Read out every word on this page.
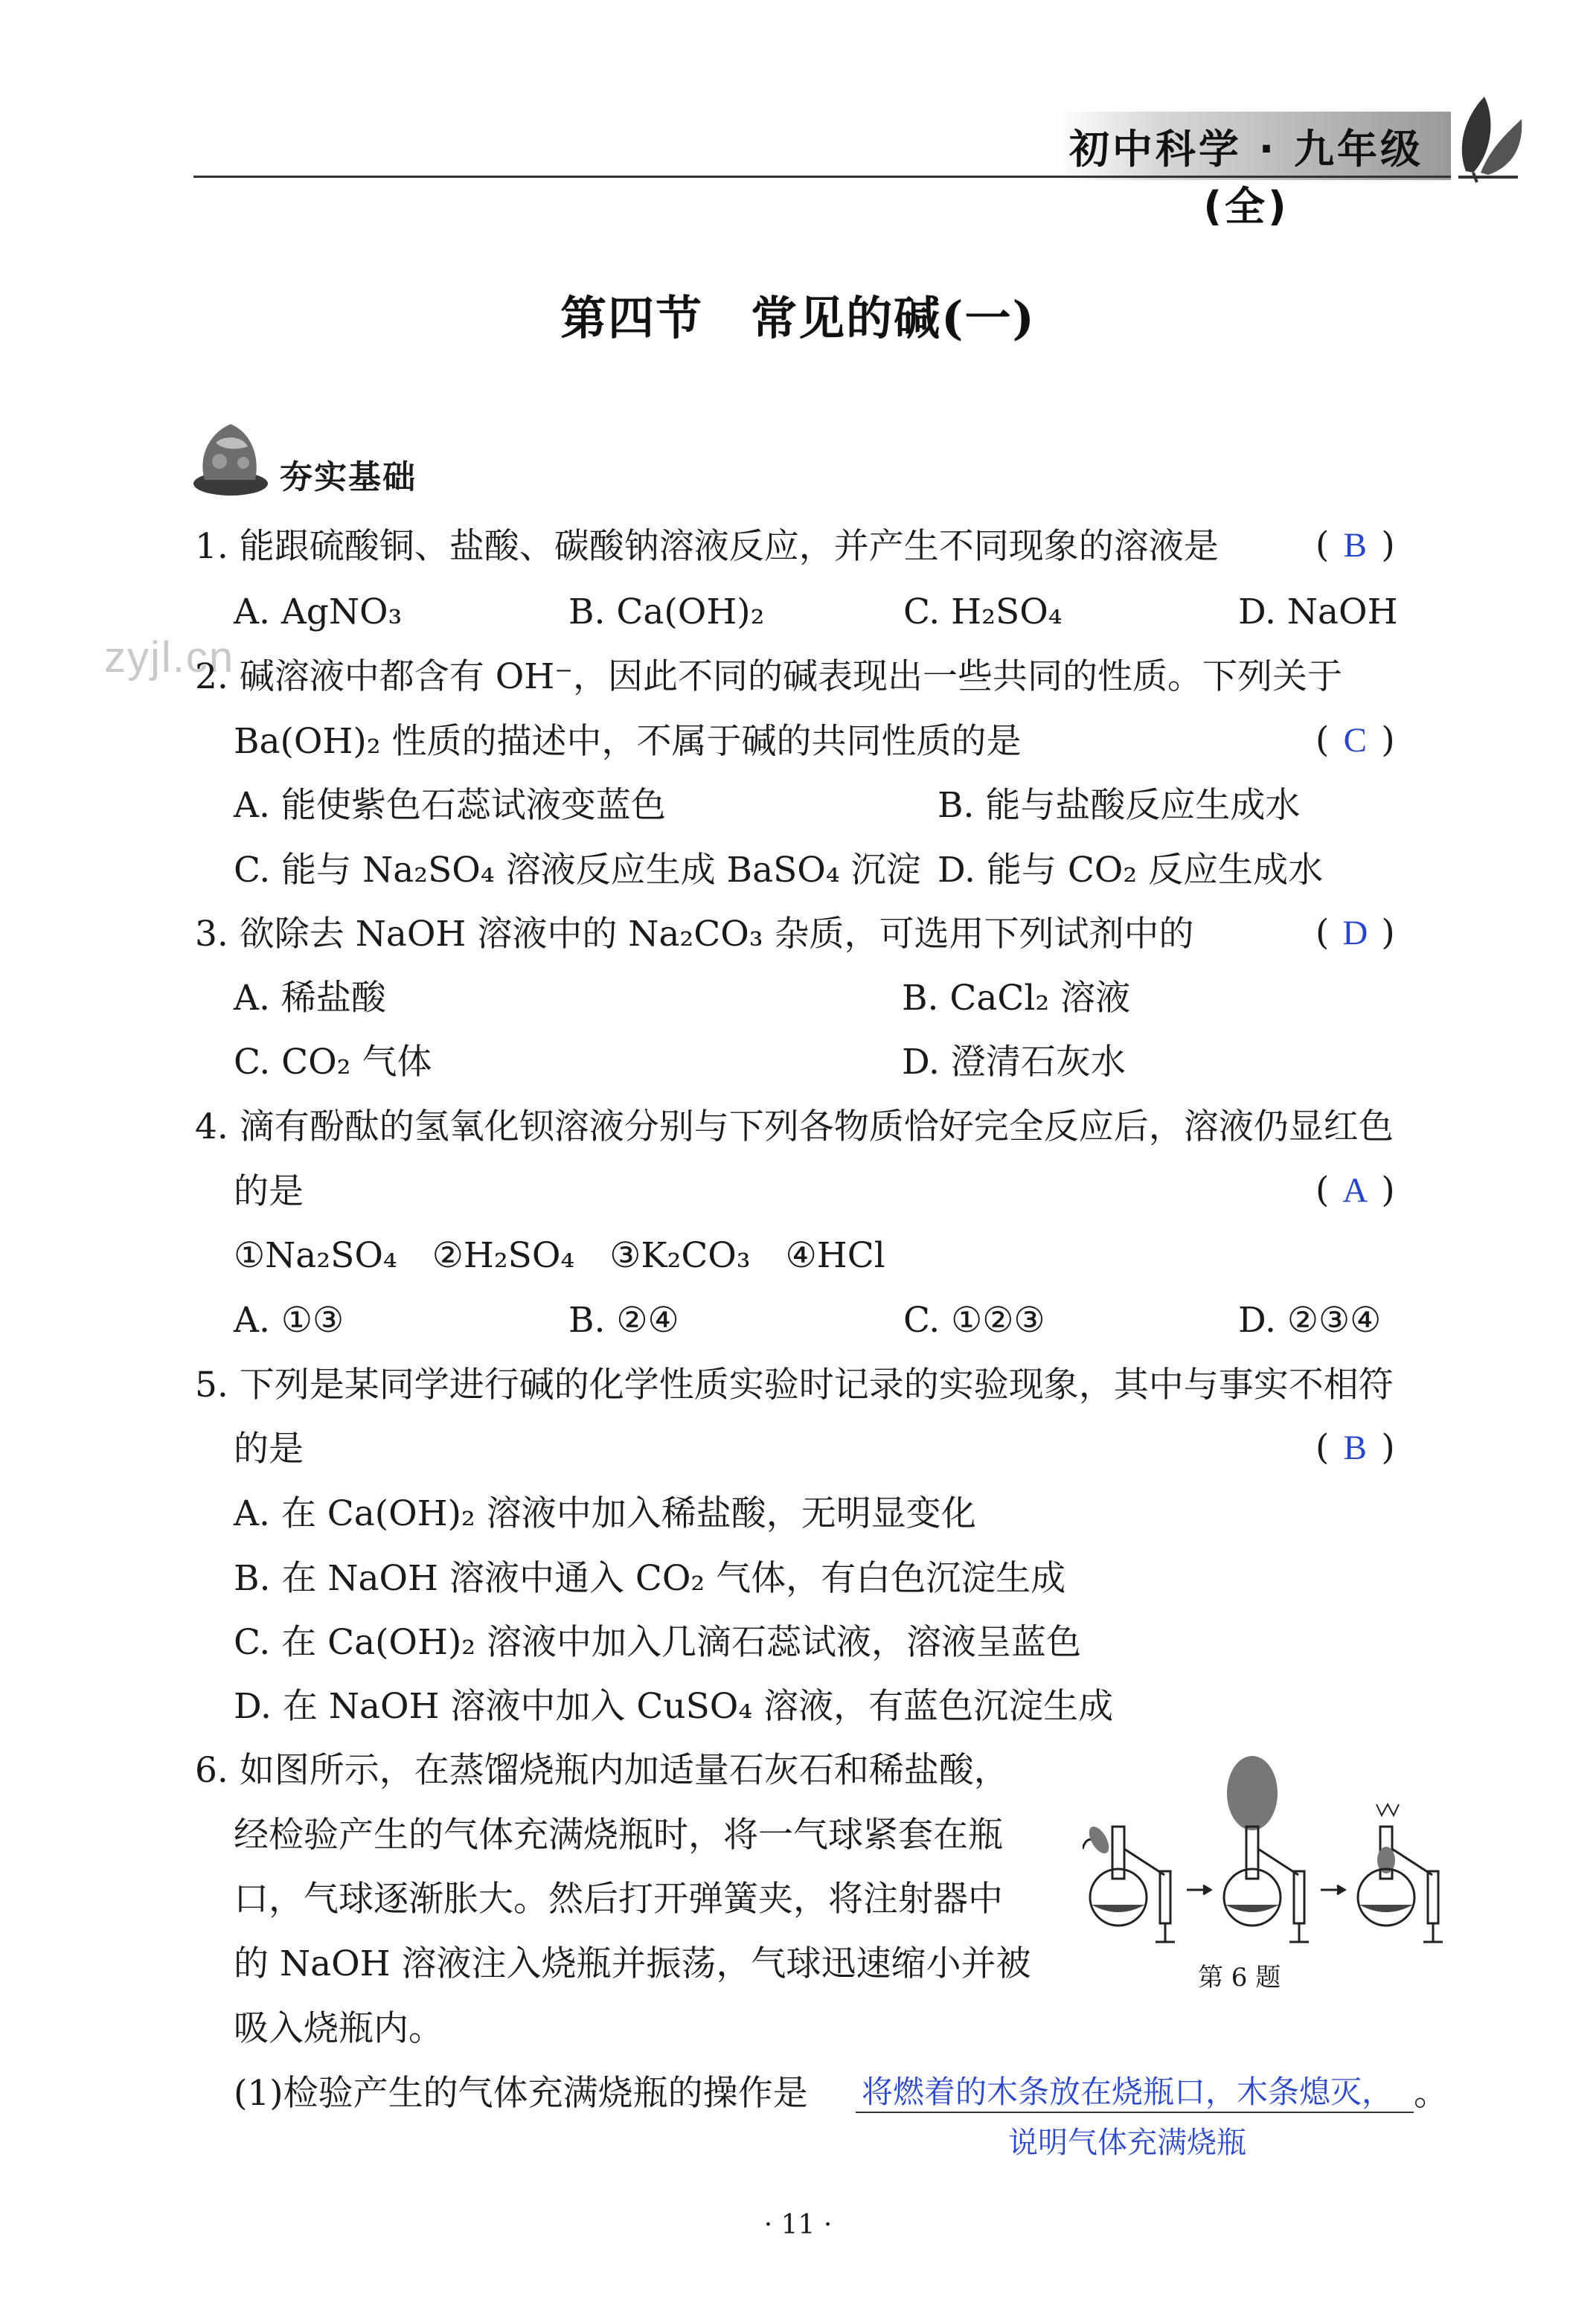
初中科学 · 九年级(全)
第四节　常见的碱(一)
夯实基础
zyjl.cn
1. 能跟硫酸铜、盐酸、碳酸钠溶液反应，并产生不同现象的溶液是	( B )
A. AgNO₃	B. Ca(OH)₂	C. H₂SO₄	D. NaOH
2. 碱溶液中都含有 OH⁻，因此不同的碱表现出一些共同的性质。下列关于
Ba(OH)₂ 性质的描述中，不属于碱的共同性质的是	( C )
A. 能使紫色石蕊试液变蓝色	B. 能与盐酸反应生成水
C. 能与 Na₂SO₄ 溶液反应生成 BaSO₄ 沉淀 D. 能与 CO₂ 反应生成水
3. 欲除去 NaOH 溶液中的 Na₂CO₃ 杂质，可选用下列试剂中的	( D )
A. 稀盐酸	B. CaCl₂ 溶液
C. CO₂ 气体	D. 澄清石灰水
4. 滴有酚酞的氢氧化钡溶液分别与下列各物质恰好完全反应后，溶液仍显红色
的是	( A )
①Na₂SO₄　②H₂SO₄　③K₂CO₃　④HCl
A. ①③	B. ②④	C. ①②③	D. ②③④
5. 下列是某同学进行碱的化学性质实验时记录的实验现象，其中与事实不相符
的是	( B )
A. 在 Ca(OH)₂ 溶液中加入稀盐酸，无明显变化
B. 在 NaOH 溶液中通入 CO₂ 气体，有白色沉淀生成
C. 在 Ca(OH)₂ 溶液中加入几滴石蕊试液，溶液呈蓝色
D. 在 NaOH 溶液中加入 CuSO₄ 溶液，有蓝色沉淀生成
6. 如图所示，在蒸馏烧瓶内加适量石灰石和稀盐酸，
经检验产生的气体充满烧瓶时，将一气球紧套在瓶
口，气球逐渐胀大。然后打开弹簧夹，将注射器中
的 NaOH 溶液注入烧瓶并振荡，气球迅速缩小并被
吸入烧瓶内。
第 6 题
(1)检验产生的气体充满烧瓶的操作是 将燃着的木条放在烧瓶口，木条熄灭， 。
说明气体充满烧瓶
· 11 ·
